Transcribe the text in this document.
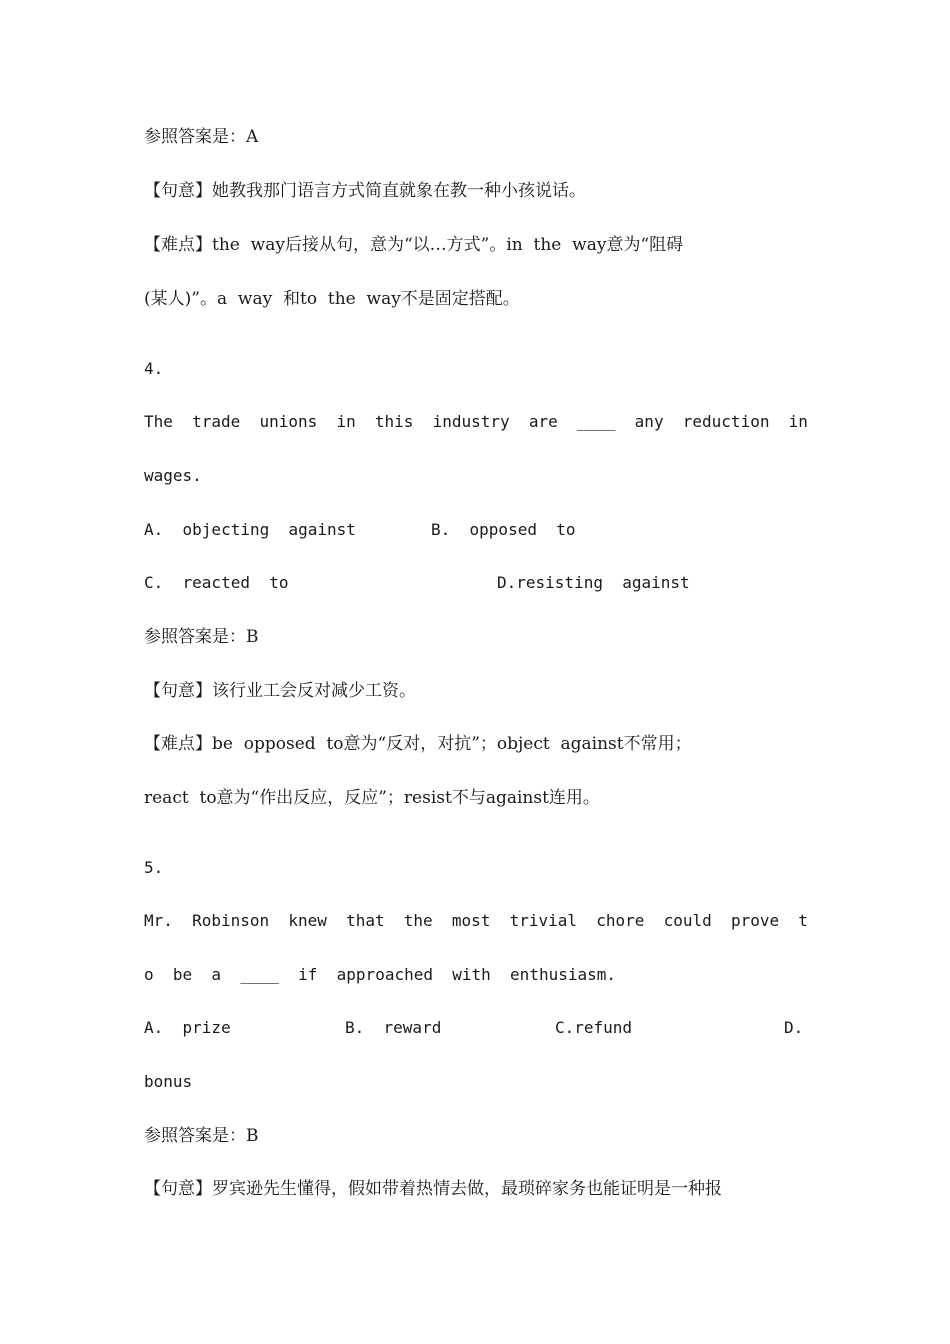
参照答案是：A
【句意】她教我那门语言方式简直就象在教一种小孩说话。
【难点】the  way后接从句，意为“以…方式”。in  the  way意为“阻碍
(某人)”。a  way  和to  the  way不是固定搭配。
4.
The trade unions in this industry are ____ any reduction in
wages.

A.  objecting  against

	B.  opposed  to

C.  reacted  to

	D.resisting  against

参照答案是：B
【句意】该行业工会反对减少工资。
【难点】be  opposed  to意为“反对，对抗”；object  against不常用；
react  to意为“作出反应，反应”；resist不与against连用。
5.
Mr. Robinson knew that the most trivial chore could prove t
o  be  a  ____  if  approached  with  enthusiasm.

A.  prize

	B.  reward

	C.refund

	D.

bonus
参照答案是：B
【句意】罗宾逊先生懂得，假如带着热情去做，最琐碎家务也能证明是一种报
